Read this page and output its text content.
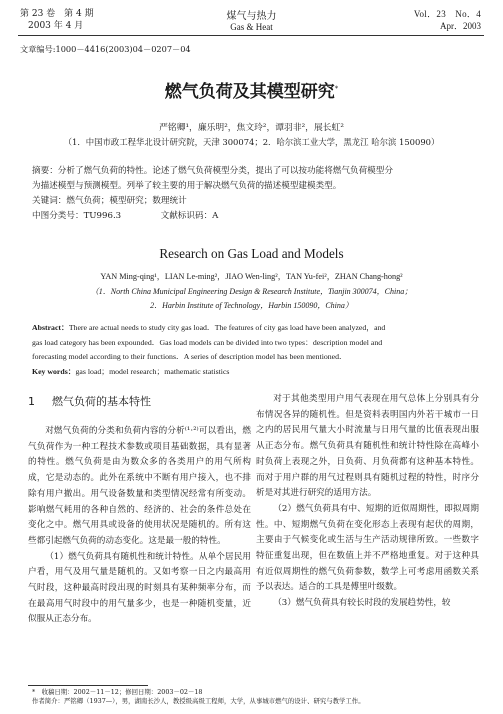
第 23 卷　第 4 期
2003 年 4 月
煤气与热力
Gas & Heat
Vol．23　No．4
Apr．2003
文章编号:1000－4416(2003)04－0207－04
燃气负荷及其模型研究*
严铭卿¹，廉乐明²，焦文玲²，谭羽非²，展长虹²
（1．中国市政工程华北设计研究院，天津 300074；2．哈尔滨工业大学，黑龙江 哈尔滨 150090）
摘要：分析了燃气负荷的特性。论述了燃气负荷模型分类，提出了可以按功能将燃气负荷模型分
为描述模型与预测模型。列举了较主要的用于解决燃气负荷的描述模型建模类型。
关键词：燃气负荷；模型研究；数理统计
中图分类号：TU996.3	文献标识码：A
Research on Gas Load and Models
YAN Ming-qing¹，LIAN Le-ming²，JIAO Wen-ling²，TAN Yu-fei²，ZHAN Chang-hong²
（1．North China Municipal Engineering Design & Research Institute，Tianjin 300074，China；
2．Harbin Institute of Technology，Harbin 150090，China）

Abstract：There are actual needs to study city gas load．The features of city gas load have been analyzed，and

gas load category has been expounded．Gas load models can be divided into two types：description model and

forecasting model according to their functions．A series of description model has been mentioned．

Key words：gas load；model research；mathematic statistics

1 燃气负荷的基本特性

对燃气负荷的分类和负荷内容的分析⁽¹·²⁾可以看出，燃气负荷作为一种工程技术参数或项目基础数据，具有显著的特性。燃气负荷是由为数众多的各类用户的用气所构成，它是动态的。此外在系统中不断有用户接入，也不排除有用户撤出。用气设备数量和类型情况经常有所变动。影响燃气耗用的各种自然的、经济的、社会的条件总处在变化之中。燃气用具或设备的使用状况是随机的。所有这些都引起燃气负荷的动态变化。这是最一般的特性。

（1）燃气负荷具有随机性和统计特性。从单个居民用户看，用气及用气量是随机的。又如考察一日之内最高用气时段，这种最高时段出现的时刻具有某种频率分布，而在最高用气时段中的用气量多少，也是一种随机变量，近似服从正态分布。

对于其他类型用户用气表现在用气总体上分别具有分布情况各异的随机性。但是资料表明国内外若干城市一日之内的居民用气量大小时流量与日用气量的比值表现出服从正态分布。燃气负荷具有随机性和统计特性除在高峰小时负荷上表现之外，日负荷、月负荷都有这种基本特性。而对于用户群的用气过程则具有随机过程的特性，时序分析是对其进行研究的适用方法。

（2）燃气负荷具有中、短期的近似周期性，即拟周期性。中、短期燃气负荷在变化形态上表现有起伏的周期，主要由于气候变化或生活与生产活动规律所致。一些数字特征重复出现，但在数值上并不严格地重复。对于这种具有近似周期性的燃气负荷参数，数学上可考虑用函数关系予以表达。适合的工具是傅里叶级数。

（3）燃气负荷具有较长时段的发展趋势性，较

*　收稿日期：2002－11－12；修回日期：2003－02－18
作者简介：严铭卿（1937—），男，湖南长沙人，教授级高级工程师，大学，从事城市燃气的设计、研究与教学工作。
